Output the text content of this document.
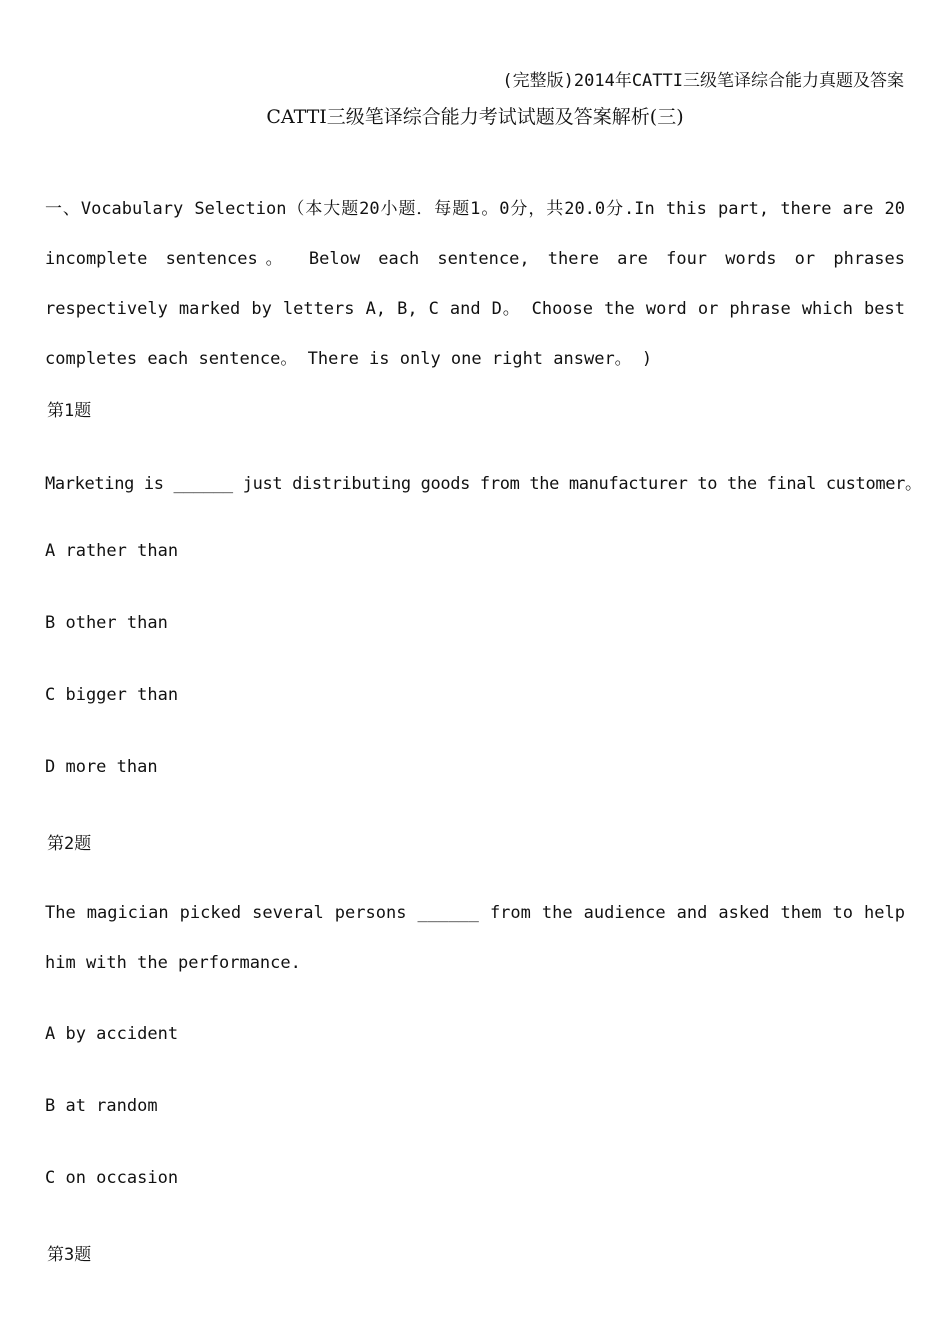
(完整版)2014年CATTI三级笔译综合能力真题及答案
CATTI三级笔译综合能力考试试题及答案解析(三)
一、Vocabulary Selection（本大题20小题．每题1。0分，共20.0分.In this part, there are 20 incomplete sentences。 Below each sentence, there are four words or phrases respectively marked by letters A, B, C and D。 Choose the word or phrase which best completes each sentence。 There is only one right answer。 )
第1题
Marketing is ______ just distributing goods from the manufacturer to the final customer。
A rather than
B other than
C bigger than
D more than
第2题
The magician picked several persons ______ from the audience and asked them to help him with the performance.
A by accident
B at random
C on occasion
第3题
